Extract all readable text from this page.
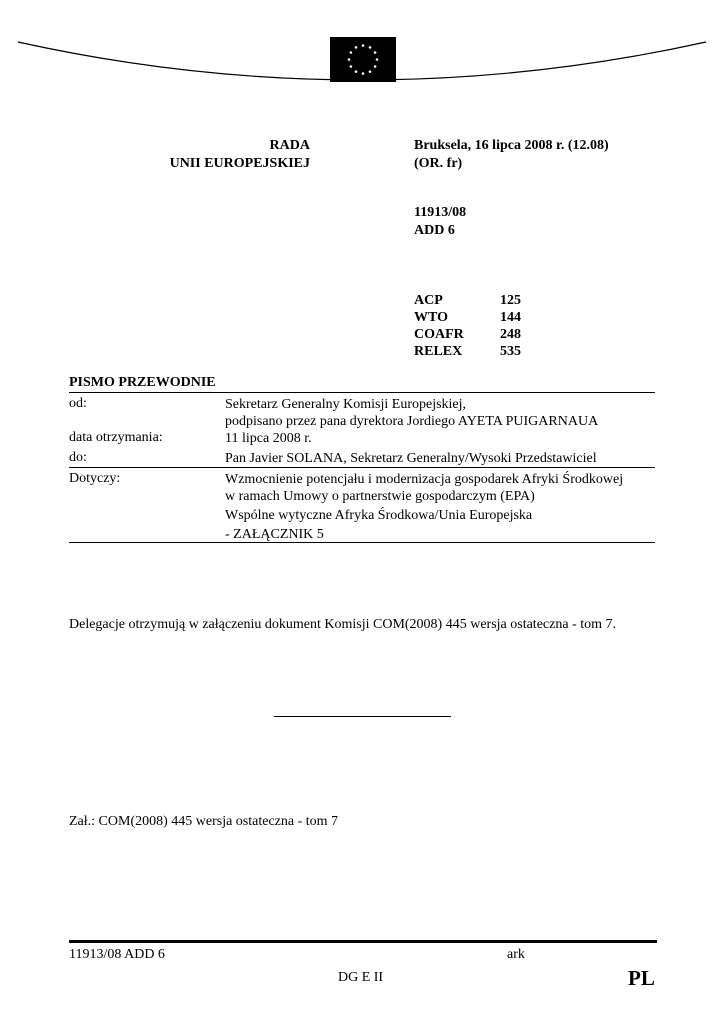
RADA
UNII EUROPEJSKIEJ
Bruksela, 16 lipca 2008 r. (12.08)
(OR. fr)
11913/08
ADD 6
ACP	125
WTO	144
COAFR	248
RELEX	535
PISMO PRZEWODNIE
od:	Sekretarz Generalny Komisji Europejskiej,
podpisano przez pana dyrektora Jordiego AYETA PUIGARNAUA
data otrzymania:	11 lipca 2008 r.
do:	Pan Javier SOLANA, Sekretarz Generalny/Wysoki Przedstawiciel
Dotyczy:	Wzmocnienie potencjału i modernizacja gospodarek Afryki Środkowej
w ramach Umowy o partnerstwie gospodarczym (EPA)
Wspólne wytyczne Afryka Środkowa/Unia Europejska
- ZAŁĄCZNIK 5
Delegacje otrzymują w załączeniu dokument Komisji COM(2008) 445 wersja ostateczna - tom 7.
Zał.: COM(2008) 445 wersja ostateczna - tom 7
11913/08 ADD 6	ark
DG E II	PL
